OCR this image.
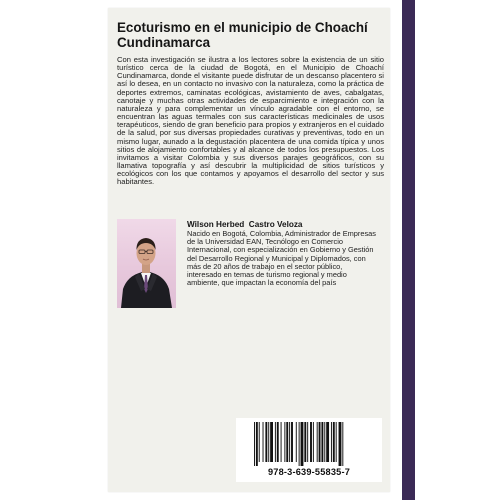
Ecoturismo en el municipio de Choachí Cundinamarca

Con esta investigación se ilustra a los lectores sobre la existencia de un sitio turístico cerca de la ciudad de Bogotá, en el Municipio de Choachí Cundinamarca, donde el visitante puede disfrutar de un descanso placentero si así lo desea, en un contacto no invasivo con la naturaleza, como la práctica de deportes extremos, caminatas ecológicas, avistamiento de aves, cabalgatas, canotaje y muchas otras actividades de esparcimiento e integración con la naturaleza y para complementar un vínculo agradable con el entorno, se encuentran las aguas termales con sus características medicinales de usos terapéuticos, siendo de gran beneficio para propios y extranjeros en el cuidado de la salud, por sus diversas propiedades curativas y preventivas, todo en un mismo lugar, aunado a la degustación placentera de una comida típica y unos sitios de alojamiento confortables y al alcance de todos los presupuestos. Los invitamos a visitar Colombia y sus diversos parajes geográficos, con su llamativa topografía y así descubrir la multiplicidad de sitios turísticos y ecológicos con los que contamos y apoyamos el desarrollo del sector y sus habitantes.

Wilson Herbed  Castro Veloza

Nacido en Bogotá, Colombia, Administrador de Empresas de la Universidad EAN, Tecnólogo en Comercio Internacional, con especialización en Gobierno y Gestión del Desarrollo Regional y Municipal y Diplomados, con más de 20 años de trabajo en el sector público, interesado en temas de turismo regional y medio ambiente, que impactan la economía del país

978-3-639-55835-7
